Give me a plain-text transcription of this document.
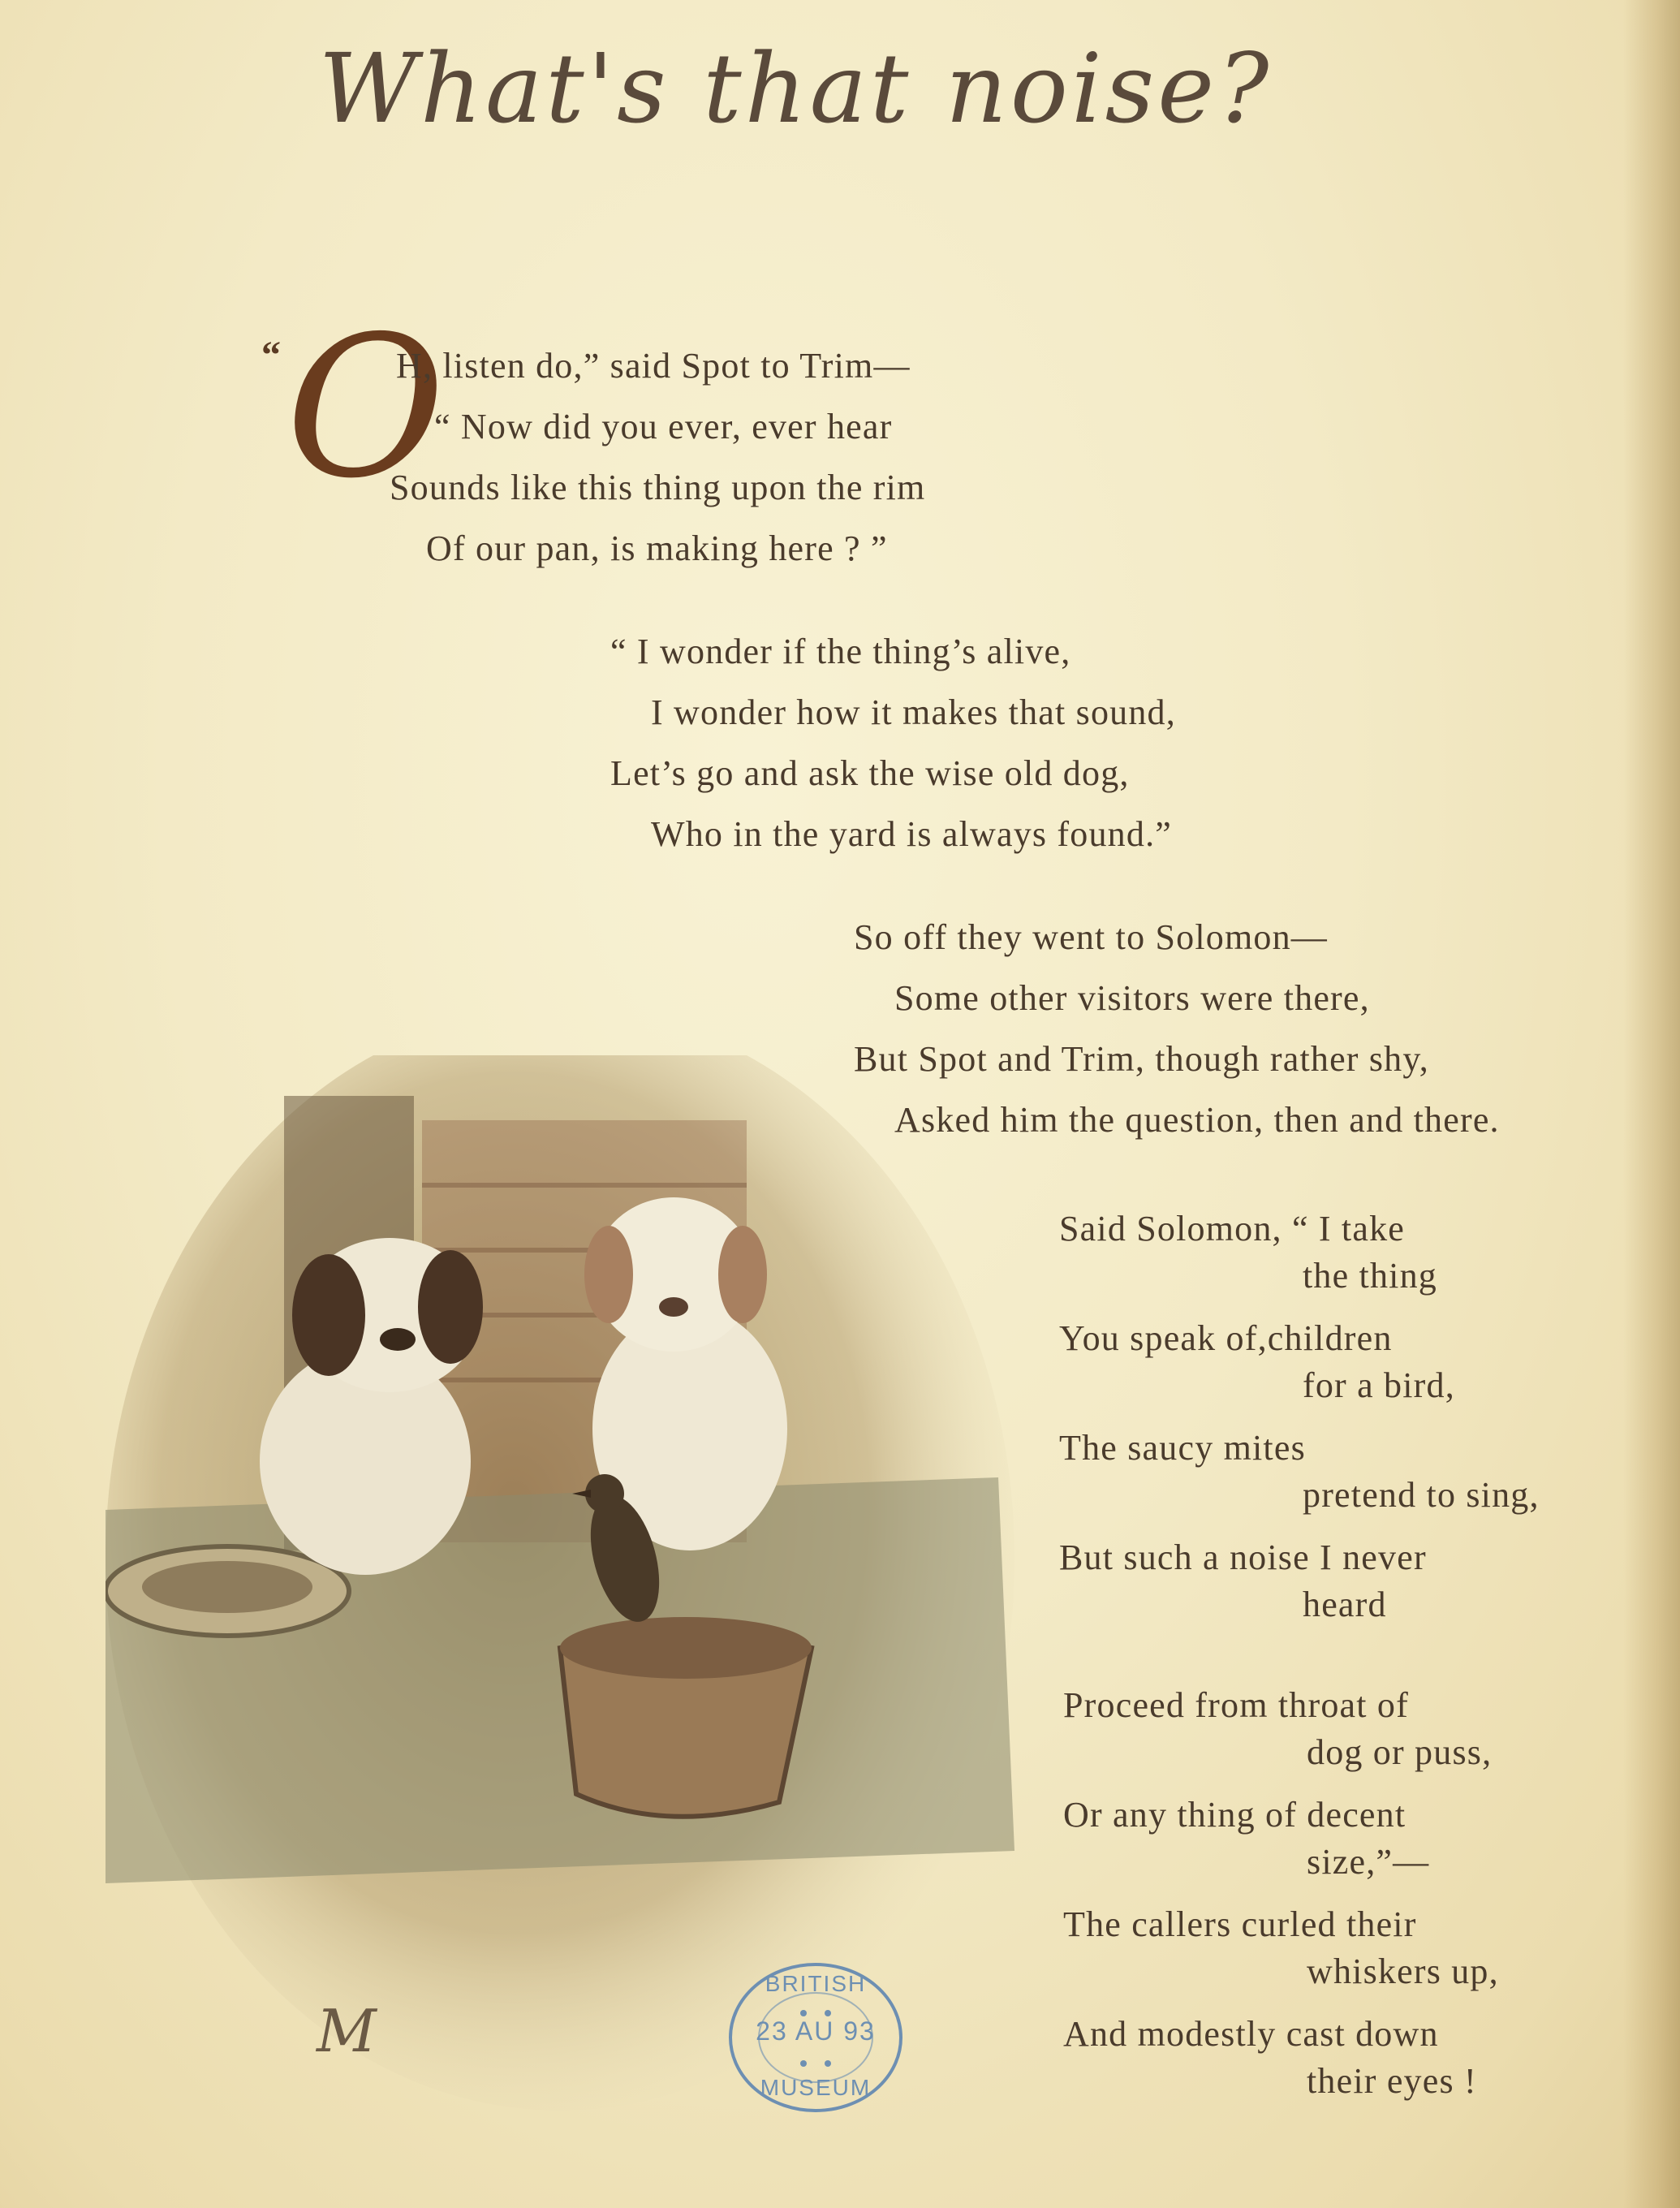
What's that noise?
“ O
H, listen do,” said Spot to Trim—
“ Now did you ever, ever hear
Sounds like this thing upon the rim
Of our pan, is making here ? ”
“ I wonder if the thing’s alive,
I wonder how it makes that sound,
Let’s go and ask the wise old dog,
Who in the yard is always found.”
So off they went to Solomon—
Some other visitors were there,
But Spot and Trim, though rather shy,
Asked him the question, then and there.
Said Solomon, “ I take
the thing
You speak of,children
for a bird,
The saucy mites
pretend to sing,
But such a noise I never
heard
Proceed from throat of
dog or puss,
Or any thing of decent
size,”—
The callers curled their
whiskers up,
And modestly cast down
their eyes !
M
BRITISH
23 AU 93
MUSEUM
